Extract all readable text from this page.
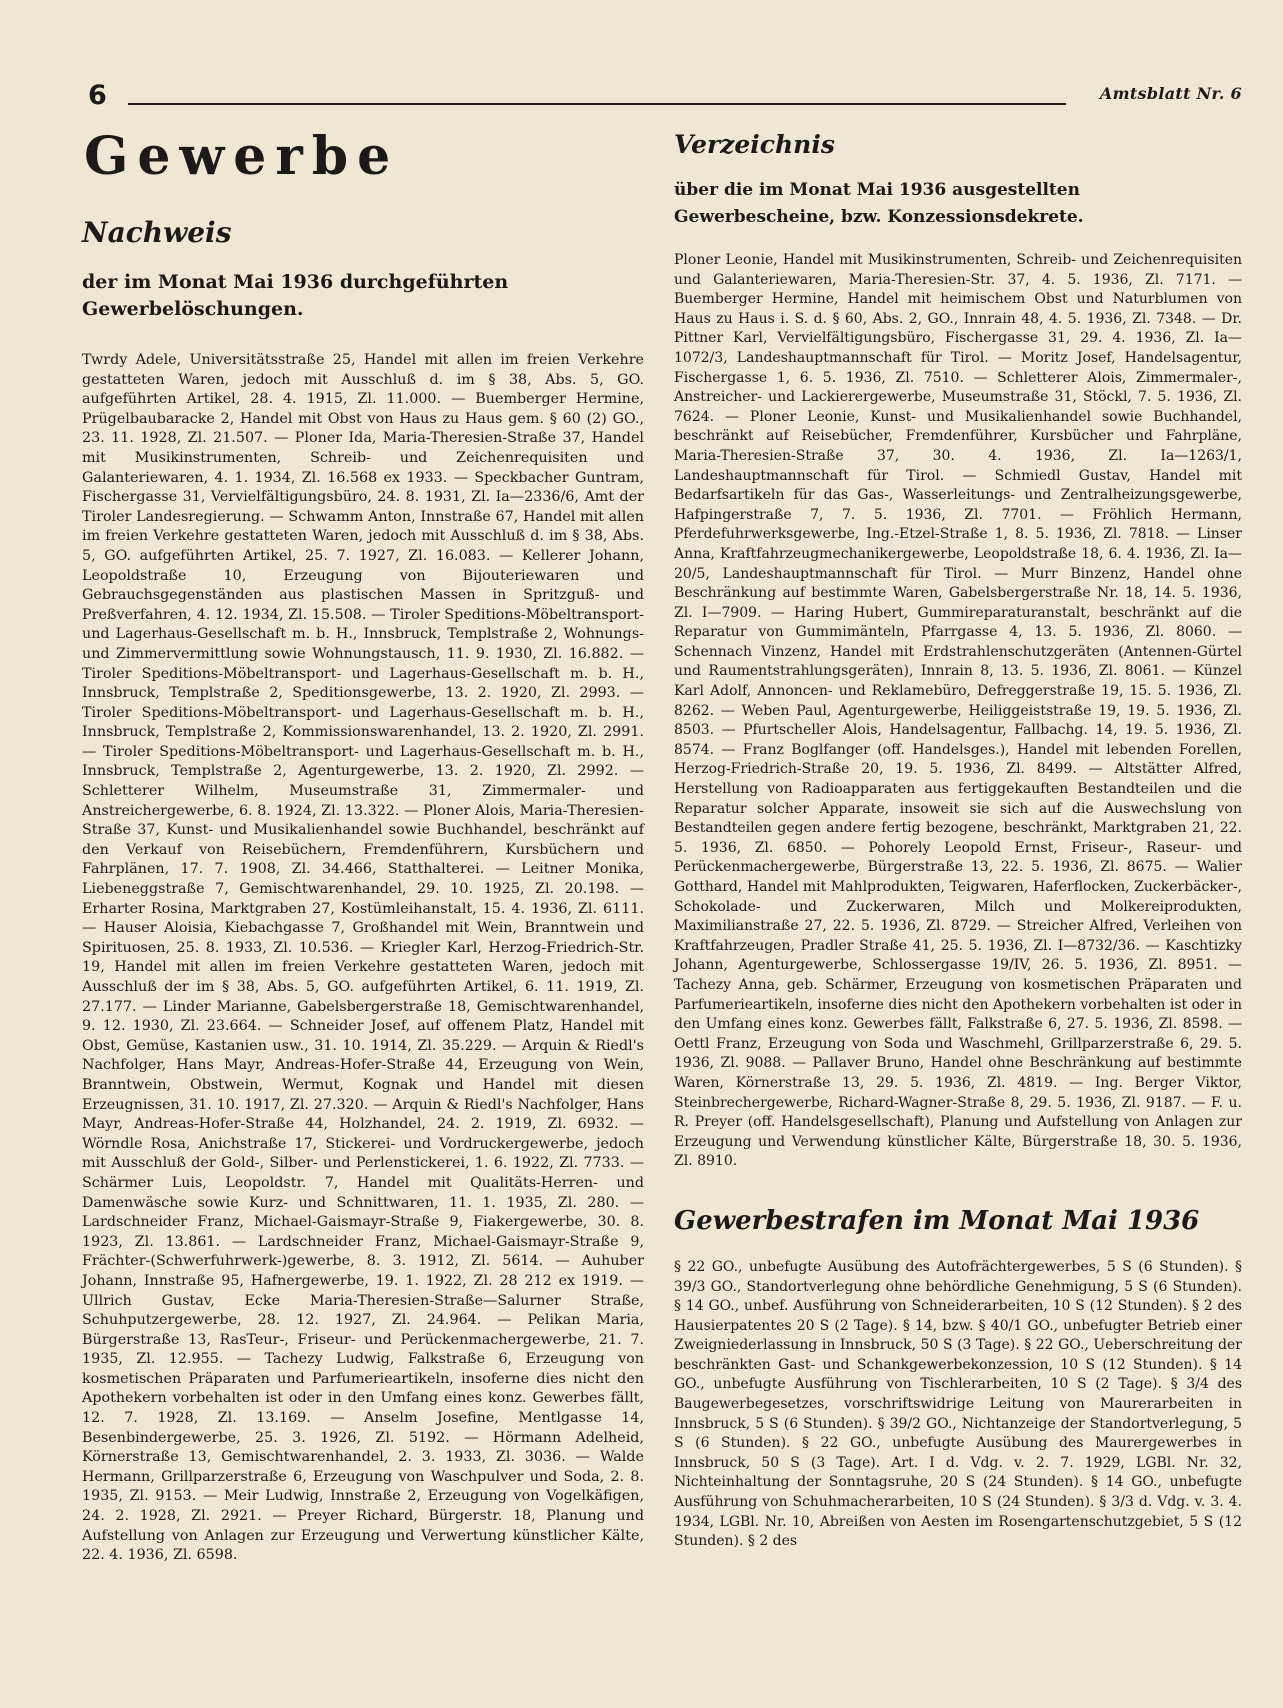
6	Amtsblatt Nr. 6
Gewerbe
Nachweis
der im Monat Mai 1936 durchgeführten Gewerbelöschungen.

Twrdy Adele, Universitätsstraße 25, Handel mit allen im freien Verkehre gestatteten Waren, jedoch mit Ausschluß d. im § 38, Abs. 5, GO. aufgeführten Artikel, 28. 4. 1915, Zl. 11.000. — Buemberger Hermine, Prügelbaubaracke 2, Handel mit Obst von Haus zu Haus gem. § 60 (2) GO., 23. 11. 1928, Zl. 21.507. — Ploner Ida, Maria-Theresien-Straße 37, Handel mit Musikinstrumenten, Schreib- und Zeichenrequisiten und Galanteriewaren, 4. 1. 1934, Zl. 16.568 ex 1933. — Speckbacher Guntram, Fischergasse 31, Vervielfältigungsbüro, 24. 8. 1931, Zl. Ia—2336/6, Amt der Tiroler Landesregierung. — Schwamm Anton, Innstraße 67, Handel mit allen im freien Verkehre gestatteten Waren, jedoch mit Ausschluß d. im § 38, Abs. 5, GO. aufgeführten Artikel, 25. 7. 1927, Zl. 16.083. — Kellerer Johann, Leopoldstraße 10, Erzeugung von Bijouteriewaren und Gebrauchsgegenständen aus plastischen Massen in Spritzguß- und Preßverfahren, 4. 12. 1934, Zl. 15.508. — Tiroler Speditions-Möbeltransport- und Lagerhaus-Gesellschaft m. b. H., Innsbruck, Templstraße 2, Wohnungs- und Zimmervermittlung sowie Wohnungstausch, 11. 9. 1930, Zl. 16.882. — Tiroler Speditions-Möbeltransport- und Lagerhaus-Gesellschaft m. b. H., Innsbruck, Templstraße 2, Speditionsgewerbe, 13. 2. 1920, Zl. 2993. — Tiroler Speditions-Möbeltransport- und Lagerhaus-Gesellschaft m. b. H., Innsbruck, Templstraße 2, Kommissionswarenhandel, 13. 2. 1920, Zl. 2991. — Tiroler Speditions-Möbeltransport- und Lagerhaus-Gesellschaft m. b. H., Innsbruck, Templstraße 2, Agenturgewerbe, 13. 2. 1920, Zl. 2992. — Schletterer Wilhelm, Museumstraße 31, Zimmermaler- und Anstreichergewerbe, 6. 8. 1924, Zl. 13.322. — Ploner Alois, Maria-Theresien-Straße 37, Kunst- und Musikalienhandel sowie Buchhandel, beschränkt auf den Verkauf von Reisebüchern, Fremdenführern, Kursbüchern und Fahrplänen, 17. 7. 1908, Zl. 34.466, Statthalterei. — Leitner Monika, Liebeneggstraße 7, Gemischtwarenhandel, 29. 10. 1925, Zl. 20.198. — Erharter Rosina, Marktgraben 27, Kostümleihanstalt, 15. 4. 1936, Zl. 6111. — Hauser Aloisia, Kiebachgasse 7, Großhandel mit Wein, Branntwein und Spirituosen, 25. 8. 1933, Zl. 10.536. — Kriegler Karl, Herzog-Friedrich-Str. 19, Handel mit allen im freien Verkehre gestatteten Waren, jedoch mit Ausschluß der im § 38, Abs. 5, GO. aufgeführten Artikel, 6. 11. 1919, Zl. 27.177. — Linder Marianne, Gabelsbergerstraße 18, Gemischtwarenhandel, 9. 12. 1930, Zl. 23.664. — Schneider Josef, auf offenem Platz, Handel mit Obst, Gemüse, Kastanien usw., 31. 10. 1914, Zl. 35.229. — Arquin & Riedl's Nachfolger, Hans Mayr, Andreas-Hofer-Straße 44, Erzeugung von Wein, Branntwein, Obstwein, Wermut, Kognak und Handel mit diesen Erzeugnissen, 31. 10. 1917, Zl. 27.320. — Arquin & Riedl's Nachfolger, Hans Mayr, Andreas-Hofer-Straße 44, Holzhandel, 24. 2. 1919, Zl. 6932. — Wörndle Rosa, Anichstraße 17, Stickerei- und Vordruckergewerbe, jedoch mit Ausschluß der Gold-, Silber- und Perlenstickerei, 1. 6. 1922, Zl. 7733. — Schärmer Luis, Leopoldstr. 7, Handel mit Qualitäts-Herren- und Damenwäsche sowie Kurz- und Schnittwaren, 11. 1. 1935, Zl. 280. — Lardschneider Franz, Michael-Gaismayr-Straße 9, Fiakergewerbe, 30. 8. 1923, Zl. 13.861. — Lardschneider Franz, Michael-Gaismayr-Straße 9, Frächter-(Schwerfuhrwerk-)gewerbe, 8. 3. 1912, Zl. 5614. — Auhuber Johann, Innstraße 95, Hafnergewerbe, 19. 1. 1922, Zl. 28 212 ex 1919. — Ullrich Gustav, Ecke Maria-Theresien-Straße—Salurner Straße, Schuhputzergewerbe, 28. 12. 1927, Zl. 24.964. — Pelikan Maria, Bürgerstraße 13, RasTeur-, Friseur- und Perückenmachergewerbe, 21. 7. 1935, Zl. 12.955. — Tachezy Ludwig, Falkstraße 6, Erzeugung von kosmetischen Präparaten und Parfumerieartikeln, insoferne dies nicht den Apothekern vorbehalten ist oder in den Umfang eines konz. Gewerbes fällt, 12. 7. 1928, Zl. 13.169. — Anselm Josefine, Mentlgasse 14, Besenbindergewerbe, 25. 3. 1926, Zl. 5192. — Hörmann Adelheid, Körnerstraße 13, Gemischtwarenhandel, 2. 3. 1933, Zl. 3036. — Walde Hermann, Grillparzerstraße 6, Erzeugung von Waschpulver und Soda, 2. 8. 1935, Zl. 9153. — Meir Ludwig, Innstraße 2, Erzeugung von Vogelkäfigen, 24. 2. 1928, Zl. 2921. — Preyer Richard, Bürgerstr. 18, Planung und Aufstellung von Anlagen zur Erzeugung und Verwertung künstlicher Kälte, 22. 4. 1936, Zl. 6598.

Verzeichnis
über die im Monat Mai 1936 ausgestellten Gewerbescheine, bzw. Konzessionsdekrete.

Ploner Leonie, Handel mit Musikinstrumenten, Schreib- und Zeichenrequisiten und Galanteriewaren, Maria-Theresien-Str. 37, 4. 5. 1936, Zl. 7171. —Buemberger Hermine, Handel mit heimischem Obst und Naturblumen von Haus zu Haus i. S. d. § 60, Abs. 2, GO., Innrain 48, 4. 5. 1936, Zl. 7348. — Dr. Pittner Karl, Vervielfältigungsbüro, Fischergasse 31, 29. 4. 1936, Zl. Ia—1072/3, Landeshauptmannschaft für Tirol. — Moritz Josef, Handelsagentur, Fischergasse 1, 6. 5. 1936, Zl. 7510. — Schletterer Alois, Zimmermaler-, Anstreicher- und Lackierergewerbe, Museumstraße 31, Stöckl, 7. 5. 1936, Zl. 7624. — Ploner Leonie, Kunst- und Musikalienhandel sowie Buchhandel, beschränkt auf Reisebücher, Fremdenführer, Kursbücher und Fahrpläne, Maria-Theresien-Straße 37, 30. 4. 1936, Zl. Ia—1263/1, Landeshauptmannschaft für Tirol. — Schmiedl Gustav, Handel mit Bedarfsartikeln für das Gas-, Wasserleitungs- und Zentralheizungsgewerbe, Hafpingerstraße 7, 7. 5. 1936, Zl. 7701. — Fröhlich Hermann, Pferdefuhrwerksgewerbe, Ing.-Etzel-Straße 1, 8. 5. 1936, Zl. 7818. — Linser Anna, Kraftfahrzeugmechanikergewerbe, Leopoldstraße 18, 6. 4. 1936, Zl. Ia—20/5, Landeshauptmannschaft für Tirol. — Murr Binzenz, Handel ohne Beschränkung auf bestimmte Waren, Gabelsbergerstraße Nr. 18, 14. 5. 1936, Zl. I—7909. — Haring Hubert, Gummireparaturanstalt, beschränkt auf die Reparatur von Gummimänteln, Pfarrgasse 4, 13. 5. 1936, Zl. 8060. — Schennach Vinzenz, Handel mit Erdstrahlenschutzgeräten (Antennen-Gürtel und Raumentstrahlungsgeräten), Innrain 8, 13. 5. 1936, Zl. 8061. — Künzel Karl Adolf, Annoncen- und Reklamebüro, Defreggerstraße 19, 15. 5. 1936, Zl. 8262. — Weben Paul, Agenturgewerbe, Heiliggeiststraße 19, 19. 5. 1936, Zl. 8503. — Pfurtscheller Alois, Handelsagentur, Fallbachg. 14, 19. 5. 1936, Zl. 8574. — Franz Boglfanger (off. Handelsges.), Handel mit lebenden Forellen, Herzog-Friedrich-Straße 20, 19. 5. 1936, Zl. 8499. — Altstätter Alfred, Herstellung von Radioapparaten aus fertiggekauften Bestandteilen und die Reparatur solcher Apparate, insoweit sie sich auf die Auswechslung von Bestandteilen gegen andere fertig bezogene, beschränkt, Marktgraben 21, 22. 5. 1936, Zl. 6850. — Pohorely Leopold Ernst, Friseur-, Raseur- und Perückenmachergewerbe, Bürgerstraße 13, 22. 5. 1936, Zl. 8675. — Walier Gotthard, Handel mit Mahlprodukten, Teigwaren, Haferflocken, Zuckerbäcker-, Schokolade- und Zuckerwaren, Milch und Molkereiprodukten, Maximilianstraße 27, 22. 5. 1936, Zl. 8729. — Streicher Alfred, Verleihen von Kraftfahrzeugen, Pradler Straße 41, 25. 5. 1936, Zl. I—8732/36. — Kaschtizky Johann, Agenturgewerbe, Schlossergasse 19/IV, 26. 5. 1936, Zl. 8951. — Tachezy Anna, geb. Schärmer, Erzeugung von kosmetischen Präparaten und Parfumerieartikeln, insoferne dies nicht den Apothekern vorbehalten ist oder in den Umfang eines konz. Gewerbes fällt, Falkstraße 6, 27. 5. 1936, Zl. 8598. — Oettl Franz, Erzeugung von Soda und Waschmehl, Grillparzerstraße 6, 29. 5. 1936, Zl. 9088. — Pallaver Bruno, Handel ohne Beschränkung auf bestimmte Waren, Körnerstraße 13, 29. 5. 1936, Zl. 4819. — Ing. Berger Viktor, Steinbrechergewerbe, Richard-Wagner-Straße 8, 29. 5. 1936, Zl. 9187. — F. u. R. Preyer (off. Handelsgesellschaft), Planung und Aufstellung von Anlagen zur Erzeugung und Verwendung künstlicher Kälte, Bürgerstraße 18, 30. 5. 1936, Zl. 8910.

Gewerbestrafen im Monat Mai 1936

§ 22 GO., unbefugte Ausübung des Autofrächtergewerbes, 5 S (6 Stunden). § 39/3 GO., Standortverlegung ohne behördliche Genehmigung, 5 S (6 Stunden). § 14 GO., unbef. Ausführung von Schneiderarbeiten, 10 S (12 Stunden). § 2 des Hausierpatentes 20 S (2 Tage). § 14, bzw. § 40/1 GO., unbefugter Betrieb einer Zweigniederlassung in Innsbruck, 50 S (3 Tage). § 22 GO., Ueberschreitung der beschränkten Gast- und Schankgewerbekonzession, 10 S (12 Stunden). § 14 GO., unbefugte Ausführung von Tischlerarbeiten, 10 S (2 Tage). § 3/4 des Baugewerbegesetzes, vorschriftswidrige Leitung von Maurerarbeiten in Innsbruck, 5 S (6 Stunden). § 39/2 GO., Nichtanzeige der Standortverlegung, 5 S (6 Stunden). § 22 GO., unbefugte Ausübung des Maurergewerbes in Innsbruck, 50 S (3 Tage). Art. I d. Vdg. v. 2. 7. 1929, LGBl. Nr. 32, Nichteinhaltung der Sonntagsruhe, 20 S (24 Stunden). § 14 GO., unbefugte Ausführung von Schuhmacherarbeiten, 10 S (24 Stunden). § 3/3 d. Vdg. v. 3. 4. 1934, LGBl. Nr. 10, Abreißen von Aesten im Rosengartenschutzgebiet, 5 S (12 Stunden). § 2 des
